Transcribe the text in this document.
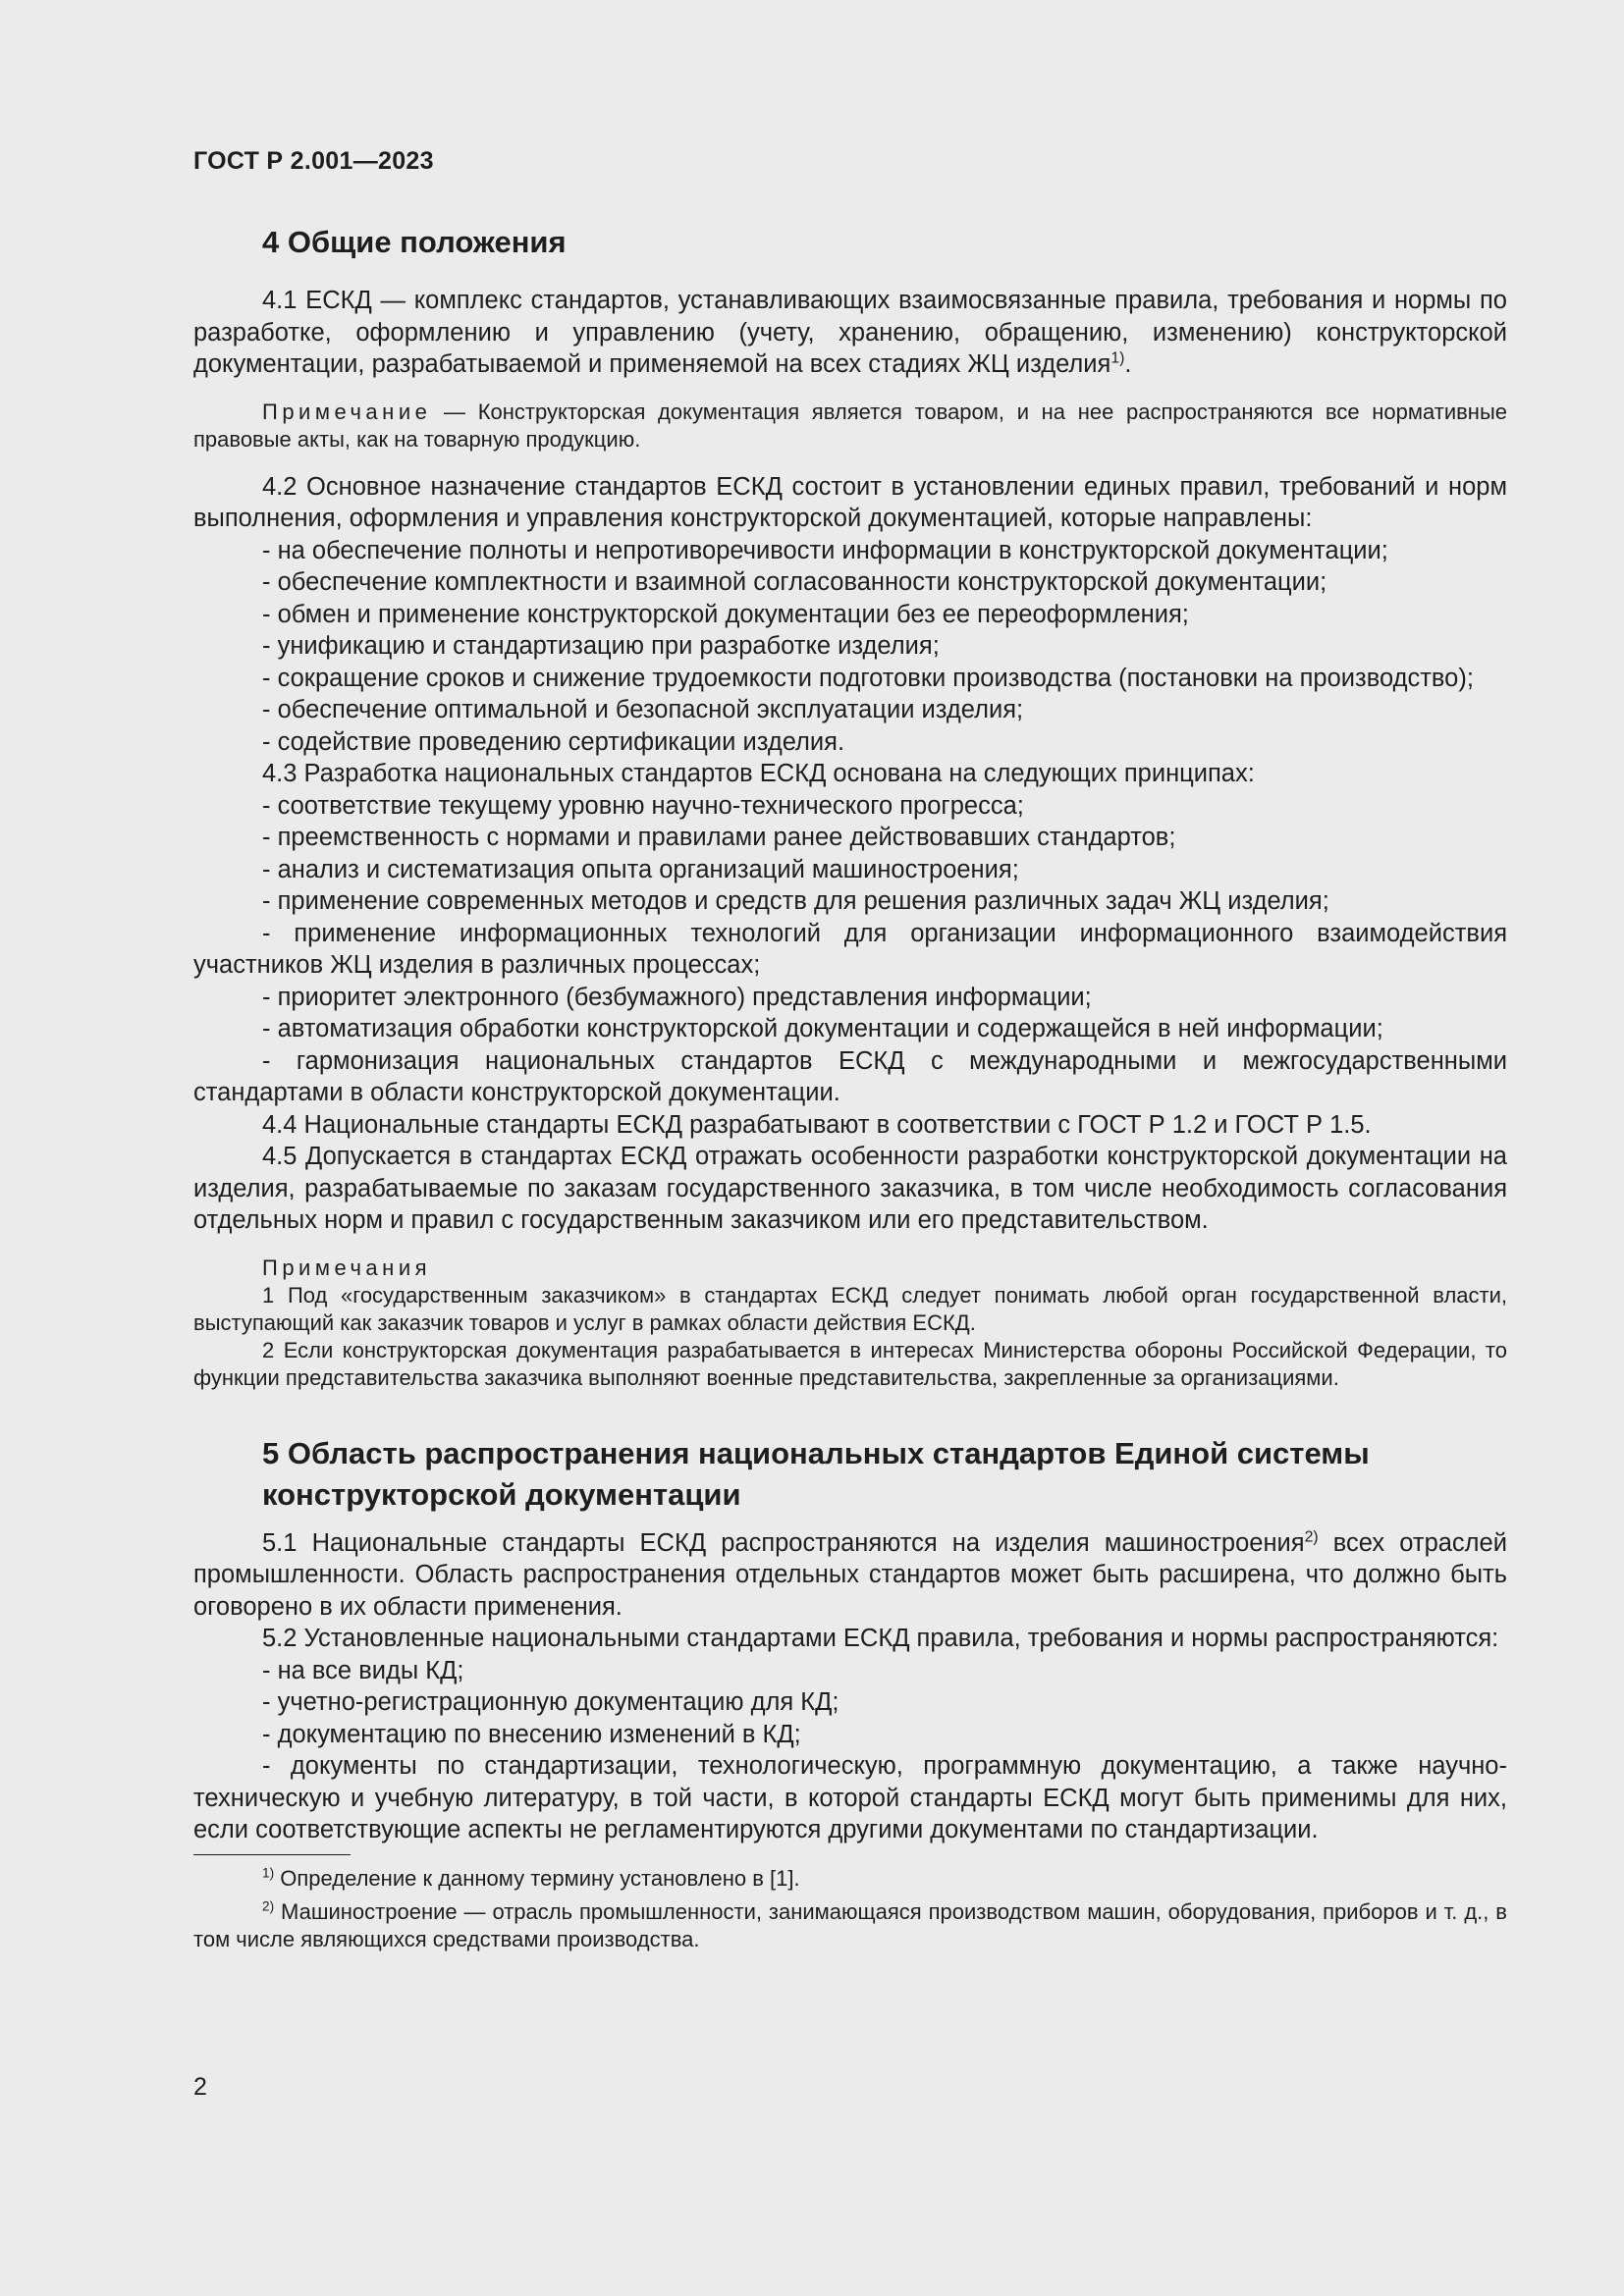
ГОСТ Р 2.001—2023
4 Общие положения

4.1 ЕСКД — комплекс стандартов, устанавливающих взаимосвязанные правила, требования и нормы по разработке, оформлению и управлению (учету, хранению, обращению, изменению) конструкторской документации, разрабатываемой и применяемой на всех стадиях ЖЦ изделия$^{1)}$.

Примечание — Конструкторская документация является товаром, и на нее распространяются все нормативные правовые акты, как на товарную продукцию.

4.2 Основное назначение стандартов ЕСКД состоит в установлении единых правил, требований и норм выполнения, оформления и управления конструкторской документацией, которые направлены:

- на обеспечение полноты и непротиворечивости информации в конструкторской документации;

- обеспечение комплектности и взаимной согласованности конструкторской документации;

- обмен и применение конструкторской документации без ее переоформления;

- унификацию и стандартизацию при разработке изделия;

- сокращение сроков и снижение трудоемкости подготовки производства (постановки на производство);

- обеспечение оптимальной и безопасной эксплуатации изделия;

- содействие проведению сертификации изделия.

4.3 Разработка национальных стандартов ЕСКД основана на следующих принципах:

- соответствие текущему уровню научно-технического прогресса;

- преемственность с нормами и правилами ранее действовавших стандартов;

- анализ и систематизация опыта организаций машиностроения;

- применение современных методов и средств для решения различных задач ЖЦ изделия;

- применение информационных технологий для организации информационного взаимодействия участников ЖЦ изделия в различных процессах;

- приоритет электронного (безбумажного) представления информации;

- автоматизация обработки конструкторской документации и содержащейся в ней информации;

- гармонизация национальных стандартов ЕСКД с международными и межгосударственными стандартами в области конструкторской документации.

4.4 Национальные стандарты ЕСКД разрабатывают в соответствии с ГОСТ Р 1.2 и ГОСТ Р 1.5.

4.5 Допускается в стандартах ЕСКД отражать особенности разработки конструкторской документации на изделия, разрабатываемые по заказам государственного заказчика, в том числе необходимость согласования отдельных норм и правил с государственным заказчиком или его представительством.

Примечания

1 Под «государственным заказчиком» в стандартах ЕСКД следует понимать любой орган государственной власти, выступающий как заказчик товаров и услуг в рамках области действия ЕСКД.

2 Если конструкторская документация разрабатывается в интересах Министерства обороны Российской Федерации, то функции представительства заказчика выполняют военные представительства, закрепленные за организациями.

5 Область распространения национальных стандартов Единой системы конструкторской документации

5.1 Национальные стандарты ЕСКД распространяются на изделия машиностроения$^{2)}$ всех отраслей промышленности. Область распространения отдельных стандартов может быть расширена, что должно быть оговорено в их области применения.

5.2 Установленные национальными стандартами ЕСКД правила, требования и нормы распространяются:

- на все виды КД;

- учетно-регистрационную документацию для КД;

- документацию по внесению изменений в КД;

- документы по стандартизации, технологическую, программную документацию, а также научно-техническую и учебную литературу, в той части, в которой стандарты ЕСКД могут быть применимы для них, если соответствующие аспекты не регламентируются другими документами по стандартизации.

$^{1)}$ Определение к данному термину установлено в [1].

$^{2)}$ Машиностроение — отрасль промышленности, занимающаяся производством машин, оборудования, приборов и т. д., в том числе являющихся средствами производства.

2
